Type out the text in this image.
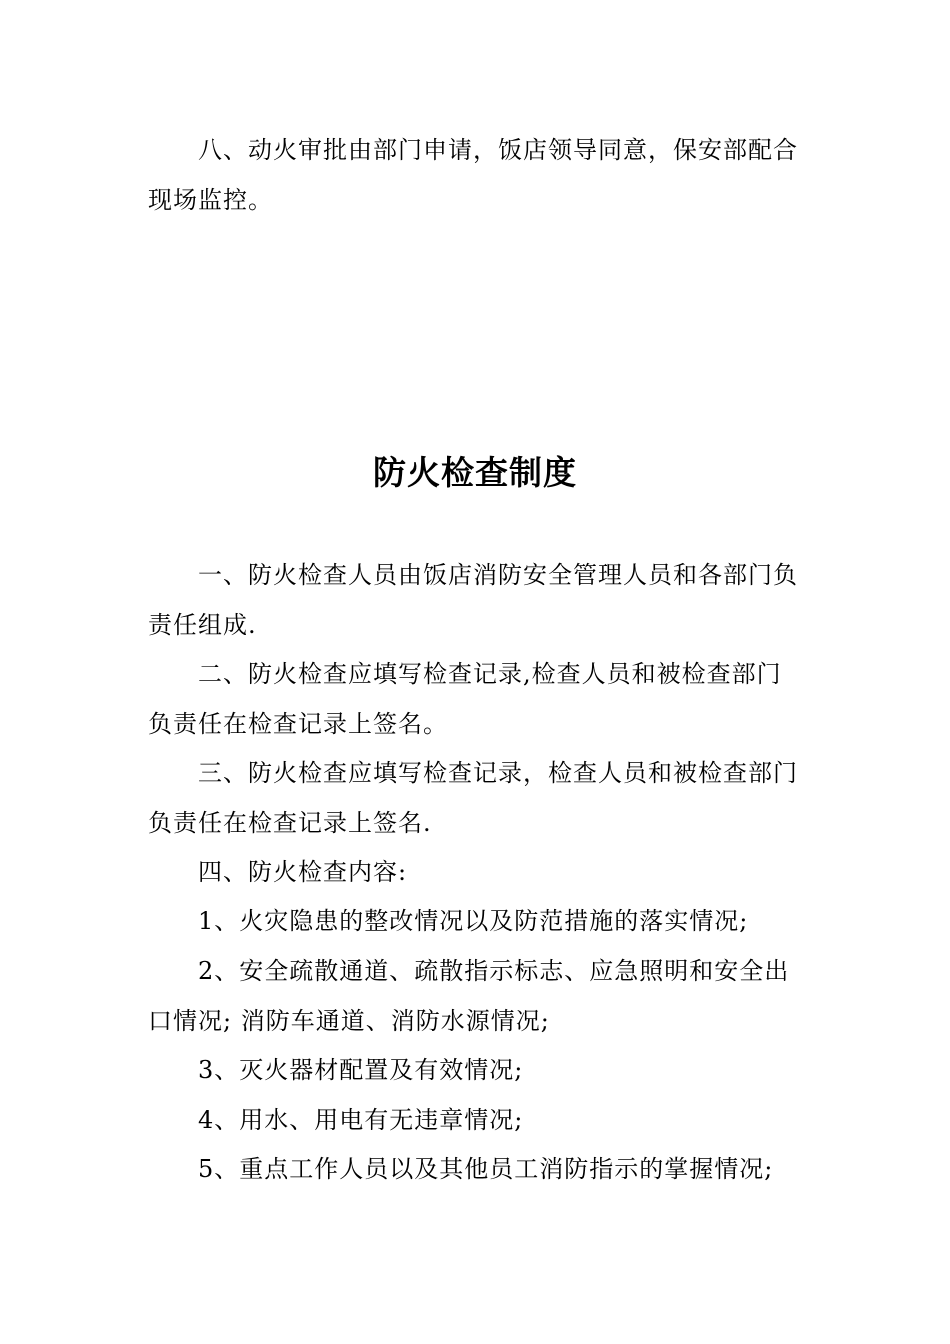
八、动火审批由部门申请，饭店领导同意，保安部配合现场监控。

防火检查制度

一、防火检查人员由饭店消防安全管理人员和各部门负责任组成.

二、防火检查应填写检查记录,检查人员和被检查部门负责任在检查记录上签名。

三、防火检查应填写检查记录，检查人员和被检查部门负责任在检查记录上签名.

四、防火检查内容:

1、火灾隐患的整改情况以及防范措施的落实情况;

2、安全疏散通道、疏散指示标志、应急照明和安全出口情况; 消防车通道、消防水源情况;

3、灭火器材配置及有效情况;

4、用水、用电有无违章情况;

5、重点工作人员以及其他员工消防指示的掌握情况;
